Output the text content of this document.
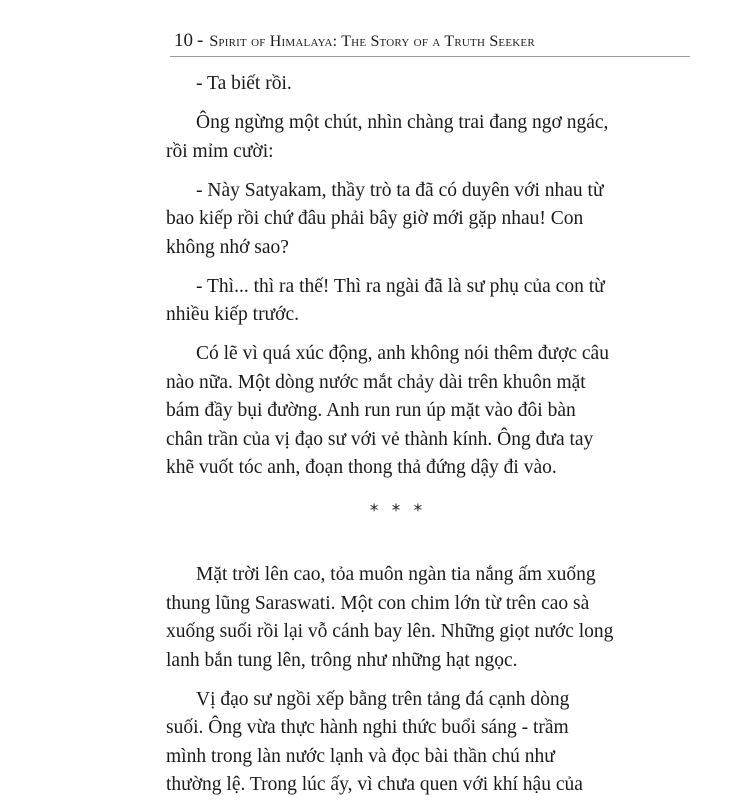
10 - Spirit of Himalaya: The Story of a Truth Seeker
- Ta biết rồi.
Ông ngừng một chút, nhìn chàng trai đang ngơ ngác,
rồi mỉm cười:
- Này Satyakam, thầy trò ta đã có duyên với nhau từ
bao kiếp rồi chứ đâu phải bây giờ mới gặp nhau! Con
không nhớ sao?
- Thì... thì ra thế! Thì ra ngài đã là sư phụ của con từ
nhiều kiếp trước.
Có lẽ vì quá xúc động, anh không nói thêm được câu
nào nữa. Một dòng nước mắt chảy dài trên khuôn mặt
bám đầy bụi đường. Anh run run úp mặt vào đôi bàn
chân trần của vị đạo sư với vẻ thành kính. Ông đưa tay
khẽ vuốt tóc anh, đoạn thong thả đứng dậy đi vào.
* * *
Mặt trời lên cao, tỏa muôn ngàn tia nắng ấm xuống
thung lũng Saraswati. Một con chim lớn từ trên cao sà
xuống suối rồi lại vỗ cánh bay lên. Những giọt nước long
lanh bắn tung lên, trông như những hạt ngọc.
Vị đạo sư ngồi xếp bằng trên tảng đá cạnh dòng
suối. Ông vừa thực hành nghi thức buổi sáng - trầm
mình trong làn nước lạnh và đọc bài thần chú như
thường lệ. Trong lúc ấy, vì chưa quen với khí hậu của
